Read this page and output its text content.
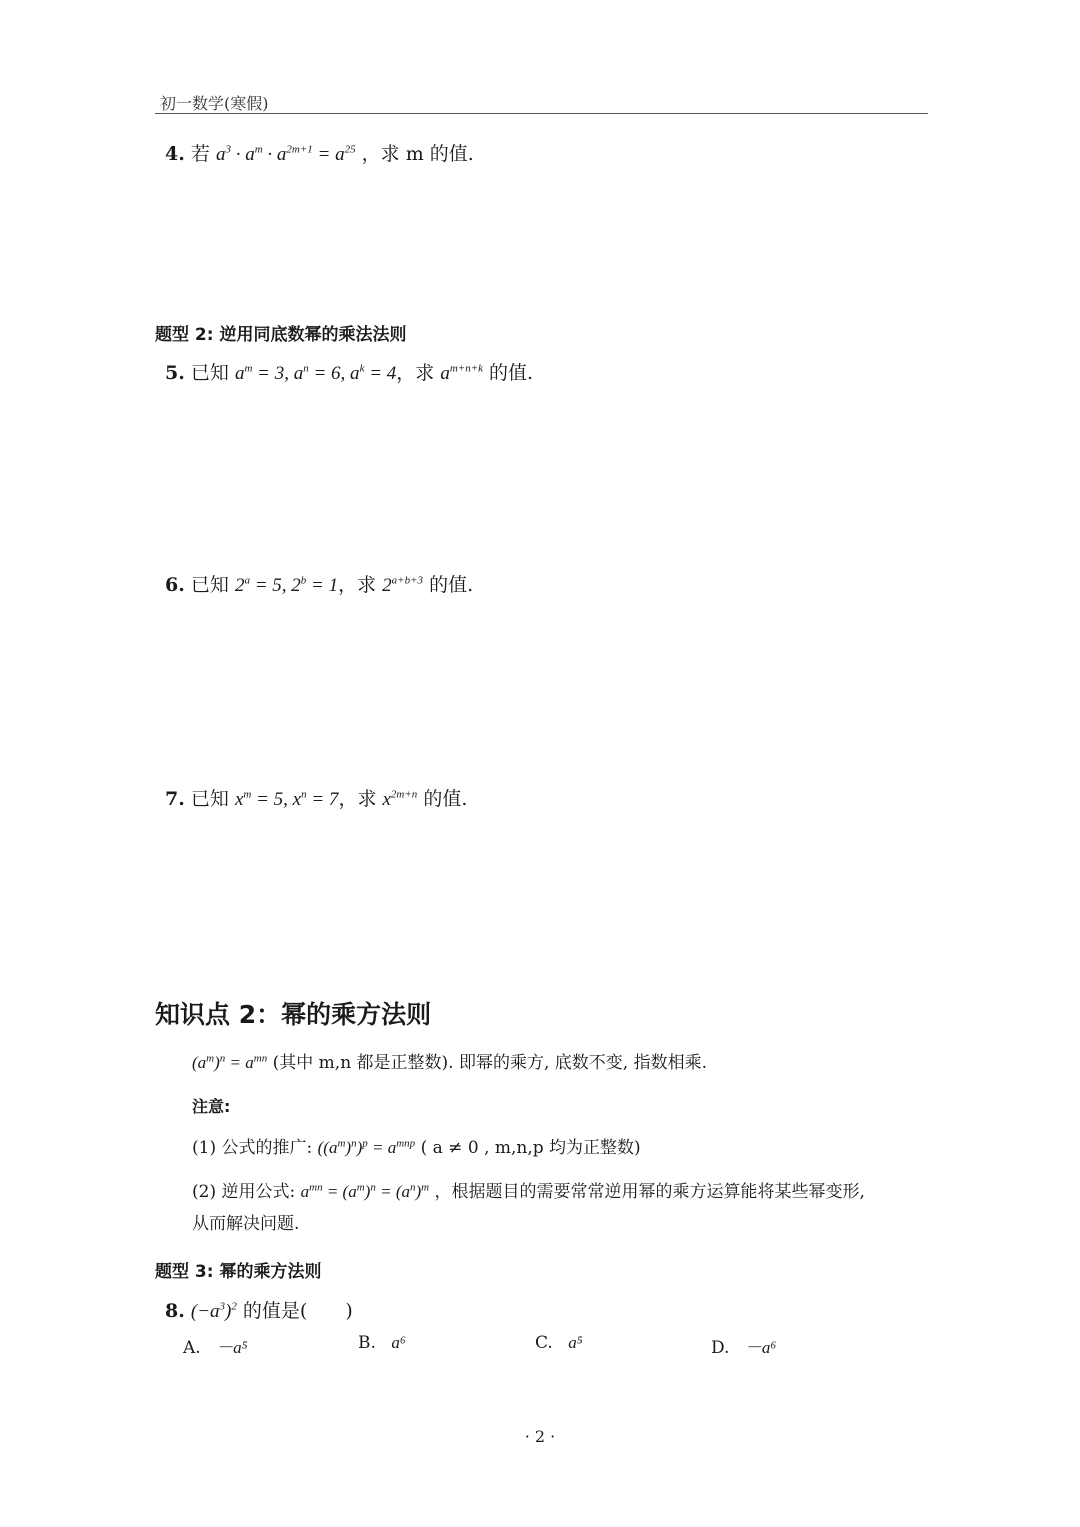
初一数学(寒假)
4. 若 $a^3 \cdot a^m \cdot a^{2m+1} = a^{25}$ ，求 m 的值.
题型 2: 逆用同底数幂的乘法法则
5. 已知 $a^m = 3$, $a^n = 6$, $a^k = 4$，求 $a^{m+n+k}$ 的值.
6. 已知 $2^a = 5$, $2^b = 1$，求 $2^{a+b+3}$ 的值.
7. 已知 $x^m = 5$, $x^n = 7$，求 $x^{2m+n}$ 的值.
知识点 2：幂的乘方法则
$(a^m)^n = a^{mn}$ (其中 m,n 都是正整数). 即幂的乘方, 底数不变, 指数相乘.
注意:
(1) 公式的推广: $((a^m)^n)^p = a^{mnp}$ ( a ≠ 0 , m,n,p 均为正整数)
(2) 逆用公式: $a^{mn} = (a^m)^n = (a^n)^m$ ，根据题目的需要常常逆用幂的乘方运算能将某些幂变形,
从而解决问题.
题型 3: 幂的乘方法则
8. $(-a^3)^2$ 的值是(　　)
A. －a⁵	B. a⁶	C. a⁵	D. －a⁶
· 2 ·
